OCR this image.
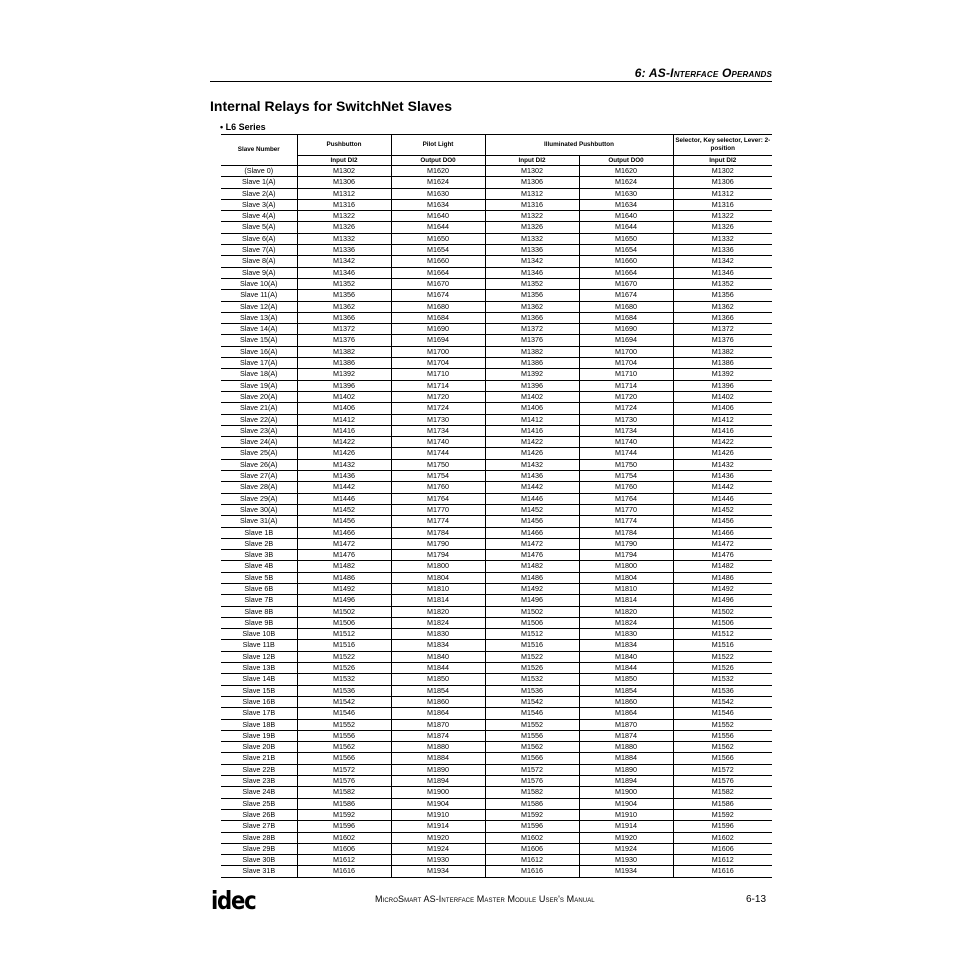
6: AS-Interface Operands
Internal Relays for SwitchNet Slaves
• L6 Series
Slave Number	Pushbutton	Pilot Light	Illuminated Pushbutton		Selector, Key selector, Lever: 2-position
	Input DI2	Output DO0	Input DI2	Output DO0	Input DI2
(Slave 0)	M1302	M1620	M1302	M1620	M1302
Slave 1(A)	M1306	M1624	M1306	M1624	M1306
Slave 2(A)	M1312	M1630	M1312	M1630	M1312
Slave 3(A)	M1316	M1634	M1316	M1634	M1316
Slave 4(A)	M1322	M1640	M1322	M1640	M1322
Slave 5(A)	M1326	M1644	M1326	M1644	M1326
Slave 6(A)	M1332	M1650	M1332	M1650	M1332
Slave 7(A)	M1336	M1654	M1336	M1654	M1336
Slave 8(A)	M1342	M1660	M1342	M1660	M1342
Slave 9(A)	M1346	M1664	M1346	M1664	M1346
Slave 10(A)	M1352	M1670	M1352	M1670	M1352
Slave 11(A)	M1356	M1674	M1356	M1674	M1356
Slave 12(A)	M1362	M1680	M1362	M1680	M1362
Slave 13(A)	M1366	M1684	M1366	M1684	M1366
Slave 14(A)	M1372	M1690	M1372	M1690	M1372
Slave 15(A)	M1376	M1694	M1376	M1694	M1376
Slave 16(A)	M1382	M1700	M1382	M1700	M1382
Slave 17(A)	M1386	M1704	M1386	M1704	M1386
Slave 18(A)	M1392	M1710	M1392	M1710	M1392
Slave 19(A)	M1396	M1714	M1396	M1714	M1396
Slave 20(A)	M1402	M1720	M1402	M1720	M1402
Slave 21(A)	M1406	M1724	M1406	M1724	M1406
Slave 22(A)	M1412	M1730	M1412	M1730	M1412
Slave 23(A)	M1416	M1734	M1416	M1734	M1416
Slave 24(A)	M1422	M1740	M1422	M1740	M1422
Slave 25(A)	M1426	M1744	M1426	M1744	M1426
Slave 26(A)	M1432	M1750	M1432	M1750	M1432
Slave 27(A)	M1436	M1754	M1436	M1754	M1436
Slave 28(A)	M1442	M1760	M1442	M1760	M1442
Slave 29(A)	M1446	M1764	M1446	M1764	M1446
Slave 30(A)	M1452	M1770	M1452	M1770	M1452
Slave 31(A)	M1456	M1774	M1456	M1774	M1456
Slave 1B	M1466	M1784	M1466	M1784	M1466
Slave 2B	M1472	M1790	M1472	M1790	M1472
Slave 3B	M1476	M1794	M1476	M1794	M1476
Slave 4B	M1482	M1800	M1482	M1800	M1482
Slave 5B	M1486	M1804	M1486	M1804	M1486
Slave 6B	M1492	M1810	M1492	M1810	M1492
Slave 7B	M1496	M1814	M1496	M1814	M1496
Slave 8B	M1502	M1820	M1502	M1820	M1502
Slave 9B	M1506	M1824	M1506	M1824	M1506
Slave 10B	M1512	M1830	M1512	M1830	M1512
Slave 11B	M1516	M1834	M1516	M1834	M1516
Slave 12B	M1522	M1840	M1522	M1840	M1522
Slave 13B	M1526	M1844	M1526	M1844	M1526
Slave 14B	M1532	M1850	M1532	M1850	M1532
Slave 15B	M1536	M1854	M1536	M1854	M1536
Slave 16B	M1542	M1860	M1542	M1860	M1542
Slave 17B	M1546	M1864	M1546	M1864	M1546
Slave 18B	M1552	M1870	M1552	M1870	M1552
Slave 19B	M1556	M1874	M1556	M1874	M1556
Slave 20B	M1562	M1880	M1562	M1880	M1562
Slave 21B	M1566	M1884	M1566	M1884	M1566
Slave 22B	M1572	M1890	M1572	M1890	M1572
Slave 23B	M1576	M1894	M1576	M1894	M1576
Slave 24B	M1582	M1900	M1582	M1900	M1582
Slave 25B	M1586	M1904	M1586	M1904	M1586
Slave 26B	M1592	M1910	M1592	M1910	M1592
Slave 27B	M1596	M1914	M1596	M1914	M1596
Slave 28B	M1602	M1920	M1602	M1920	M1602
Slave 29B	M1606	M1924	M1606	M1924	M1606
Slave 30B	M1612	M1930	M1612	M1930	M1612
Slave 31B	M1616	M1934	M1616	M1934	M1616
idec	MicroSmart AS-Interface Master Module User's Manual	6-13
